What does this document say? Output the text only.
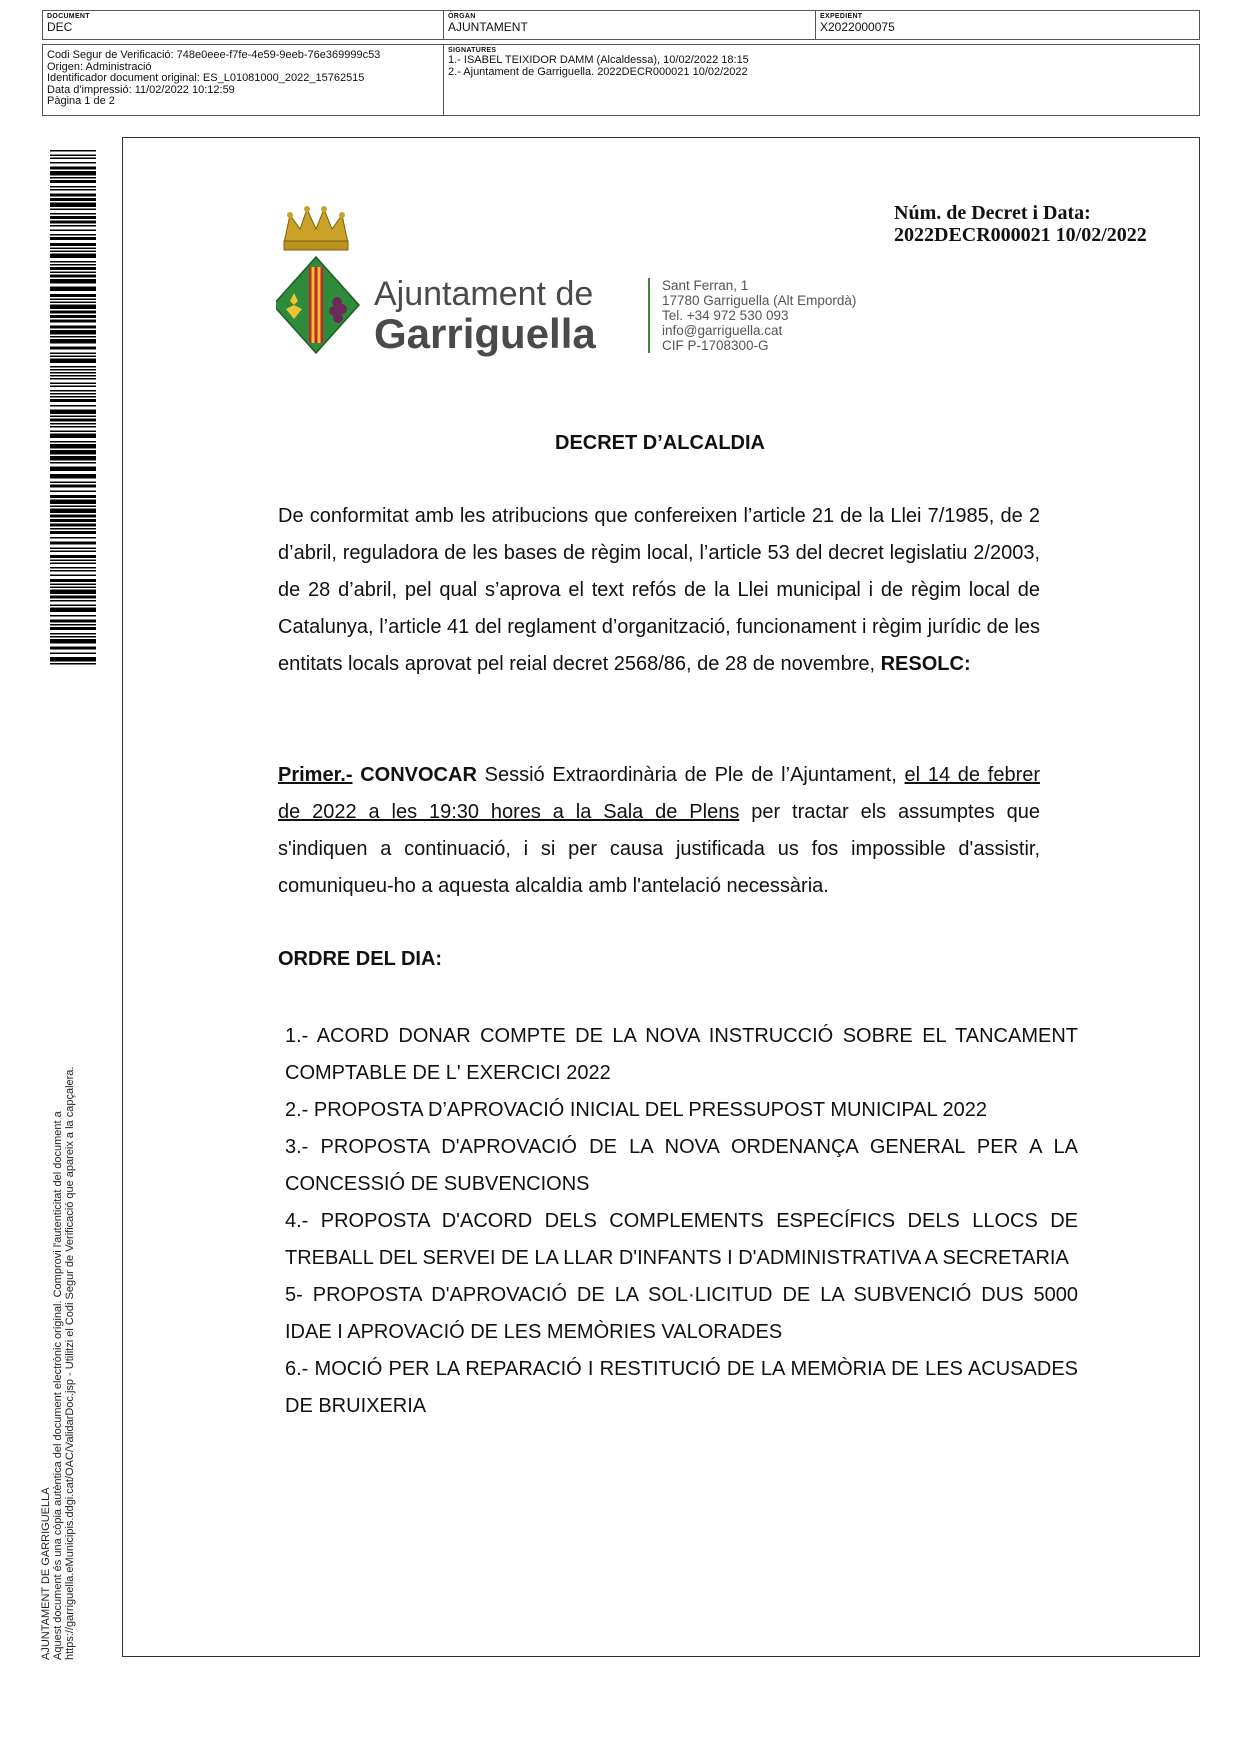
DOCUMENT
DEC
ÒRGAN
AJUNTAMENT
EXPEDIENT
X2022000075
Codi Segur de Verificació: 748e0eee-f7fe-4e59-9eeb-76e369999c53
Origen: Administració
Identificador document original: ES_L01081000_2022_15762515
Data d'impressió: 11/02/2022 10:12:59
Pàgina 1 de 2
SIGNATURES
1.- ISABEL TEIXIDOR DAMM (Alcaldessa), 10/02/2022 18:15
2.- Ajuntament de Garriguella. 2022DECR000021 10/02/2022
AJUNTAMENT DE GARRIGUELLA Aquest document és una còpia autèntica del document electrònic original. Comprovi l'autenticitat del document a https://garriguella.eMunicipis.ddgi.cat/OAC/ValidarDoc.jsp - Utilitzi el Codi Segur de Verificació que apareix a la capçalera.
Núm. de Decret i Data:
2022DECR000021 10/02/2022
Ajuntament de
Garriguella
Sant Ferran, 1
17780 Garriguella (Alt Empordà)
Tel. +34 972 530 093
info@garriguella.cat
CIF P-1708300-G
DECRET D’ALCALDIA
De conformitat amb les atribucions que confereixen l’article 21 de la Llei 7/1985, de 2 d’abril, reguladora de les bases de règim local, l’article 53 del decret legislatiu 2/2003, de 28 d’abril, pel qual s’aprova el text refós de la Llei municipal i de règim local de Catalunya, l’article 41 del reglament d’organització, funcionament i règim jurídic de les entitats locals aprovat pel reial decret 2568/86, de 28 de novembre, RESOLC:
Primer.- CONVOCAR Sessió Extraordinària de Ple de l’Ajuntament, el 14 de febrer de 2022 a les 19:30 hores a la Sala de Plens per tractar els assumptes que s'indiquen a continuació, i si per causa justificada us fos impossible d'assistir, comuniqueu-ho a aquesta alcaldia amb l'antelació necessària.
ORDRE DEL DIA:
1.- ACORD DONAR COMPTE DE LA NOVA INSTRUCCIÓ SOBRE EL TANCAMENT COMPTABLE DE L' EXERCICI 2022
2.- PROPOSTA D’APROVACIÓ INICIAL DEL PRESSUPOST MUNICIPAL 2022
3.- PROPOSTA D'APROVACIÓ DE LA NOVA ORDENANÇA GENERAL PER A LA CONCESSIÓ DE SUBVENCIONS
4.- PROPOSTA D'ACORD DELS COMPLEMENTS ESPECÍFICS DELS LLOCS DE TREBALL DEL SERVEI DE LA LLAR D'INFANTS I D'ADMINISTRATIVA A SECRETARIA
5- PROPOSTA D'APROVACIÓ DE LA SOL·LICITUD DE LA SUBVENCIÓ DUS 5000 IDAE I APROVACIÓ DE LES MEMÒRIES VALORADES
6.- MOCIÓ PER LA REPARACIÓ I RESTITUCIÓ DE LA MEMÒRIA DE LES ACUSADES DE BRUIXERIA
